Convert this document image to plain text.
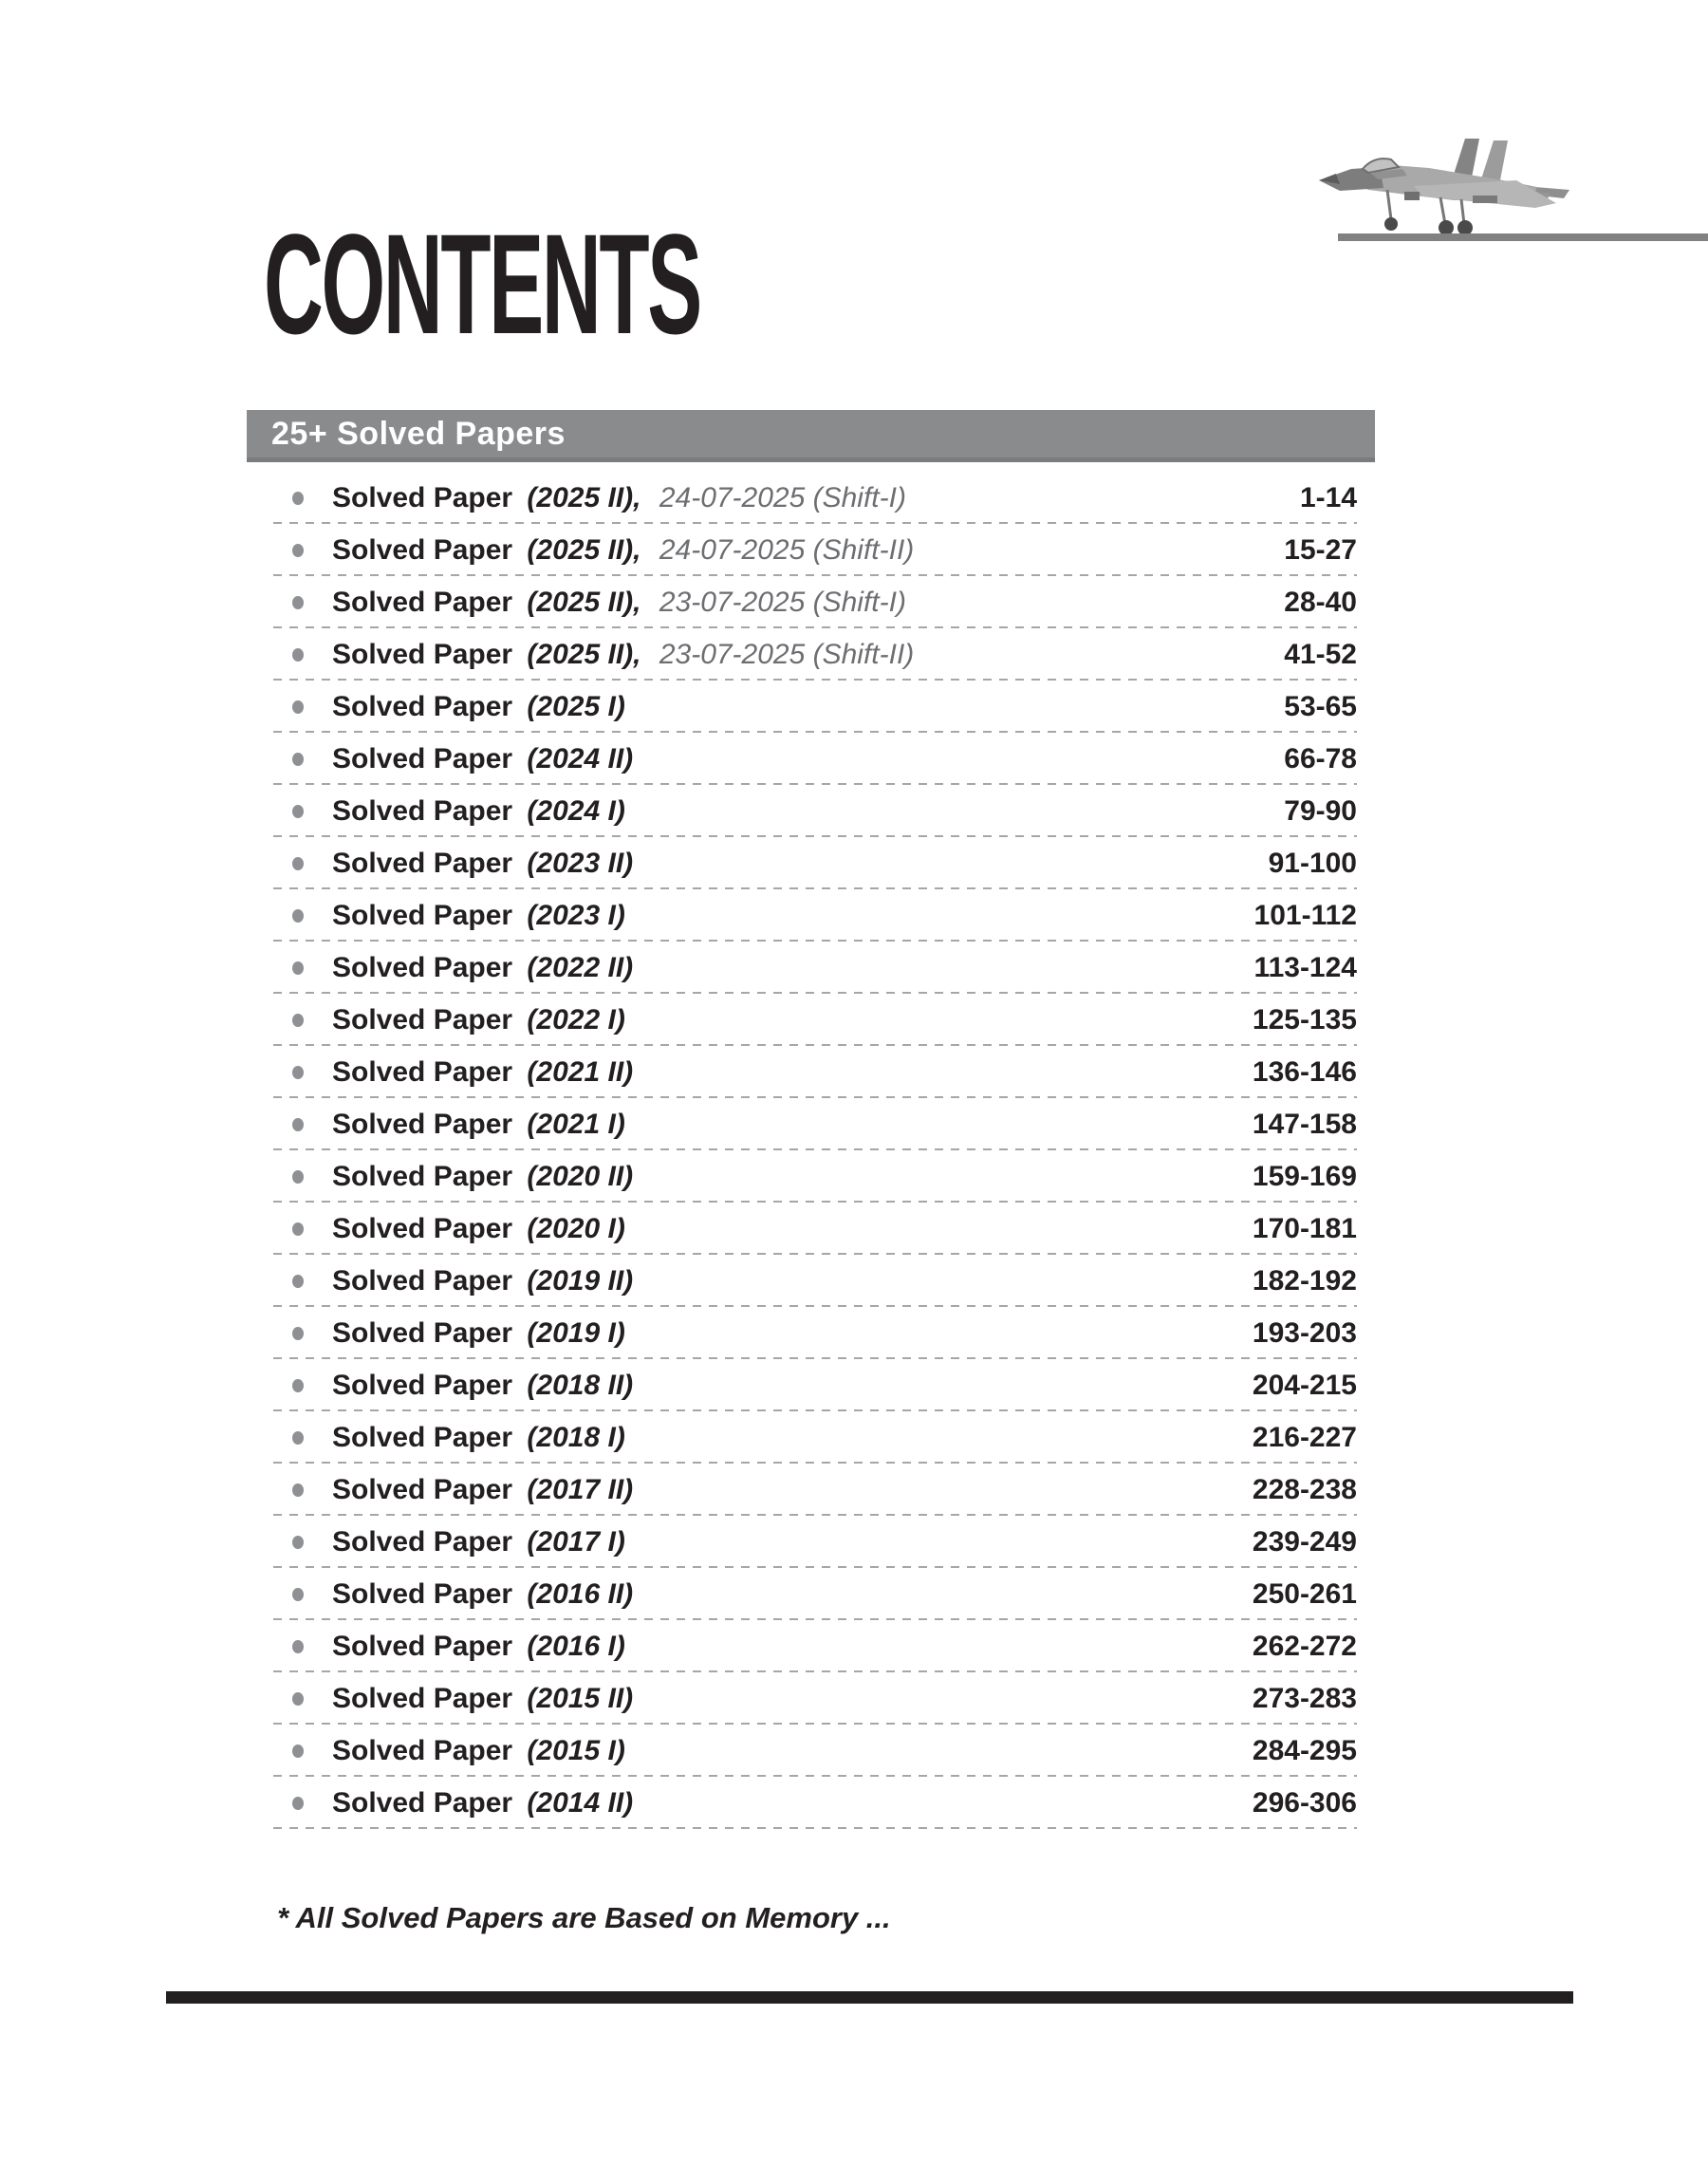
CONTENTS
25+ Solved Papers
Solved Paper (2025 II), 24-07-2025 (Shift-I)	1-14
Solved Paper (2025 II), 24-07-2025 (Shift-II)	15-27
Solved Paper (2025 II), 23-07-2025 (Shift-I)	28-40
Solved Paper (2025 II), 23-07-2025 (Shift-II)	41-52
Solved Paper (2025 I)	53-65
Solved Paper (2024 II)	66-78
Solved Paper (2024 I)	79-90
Solved Paper (2023 II)	91-100
Solved Paper (2023 I)	101-112
Solved Paper (2022 II)	113-124
Solved Paper (2022 I)	125-135
Solved Paper (2021 II)	136-146
Solved Paper (2021 I)	147-158
Solved Paper (2020 II)	159-169
Solved Paper (2020 I)	170-181
Solved Paper (2019 II)	182-192
Solved Paper (2019 I)	193-203
Solved Paper (2018 II)	204-215
Solved Paper (2018 I)	216-227
Solved Paper (2017 II)	228-238
Solved Paper (2017 I)	239-249
Solved Paper (2016 II)	250-261
Solved Paper (2016 I)	262-272
Solved Paper (2015 II)	273-283
Solved Paper (2015 I)	284-295
Solved Paper (2014 II)	296-306
* All Solved Papers are Based on Memory ...
